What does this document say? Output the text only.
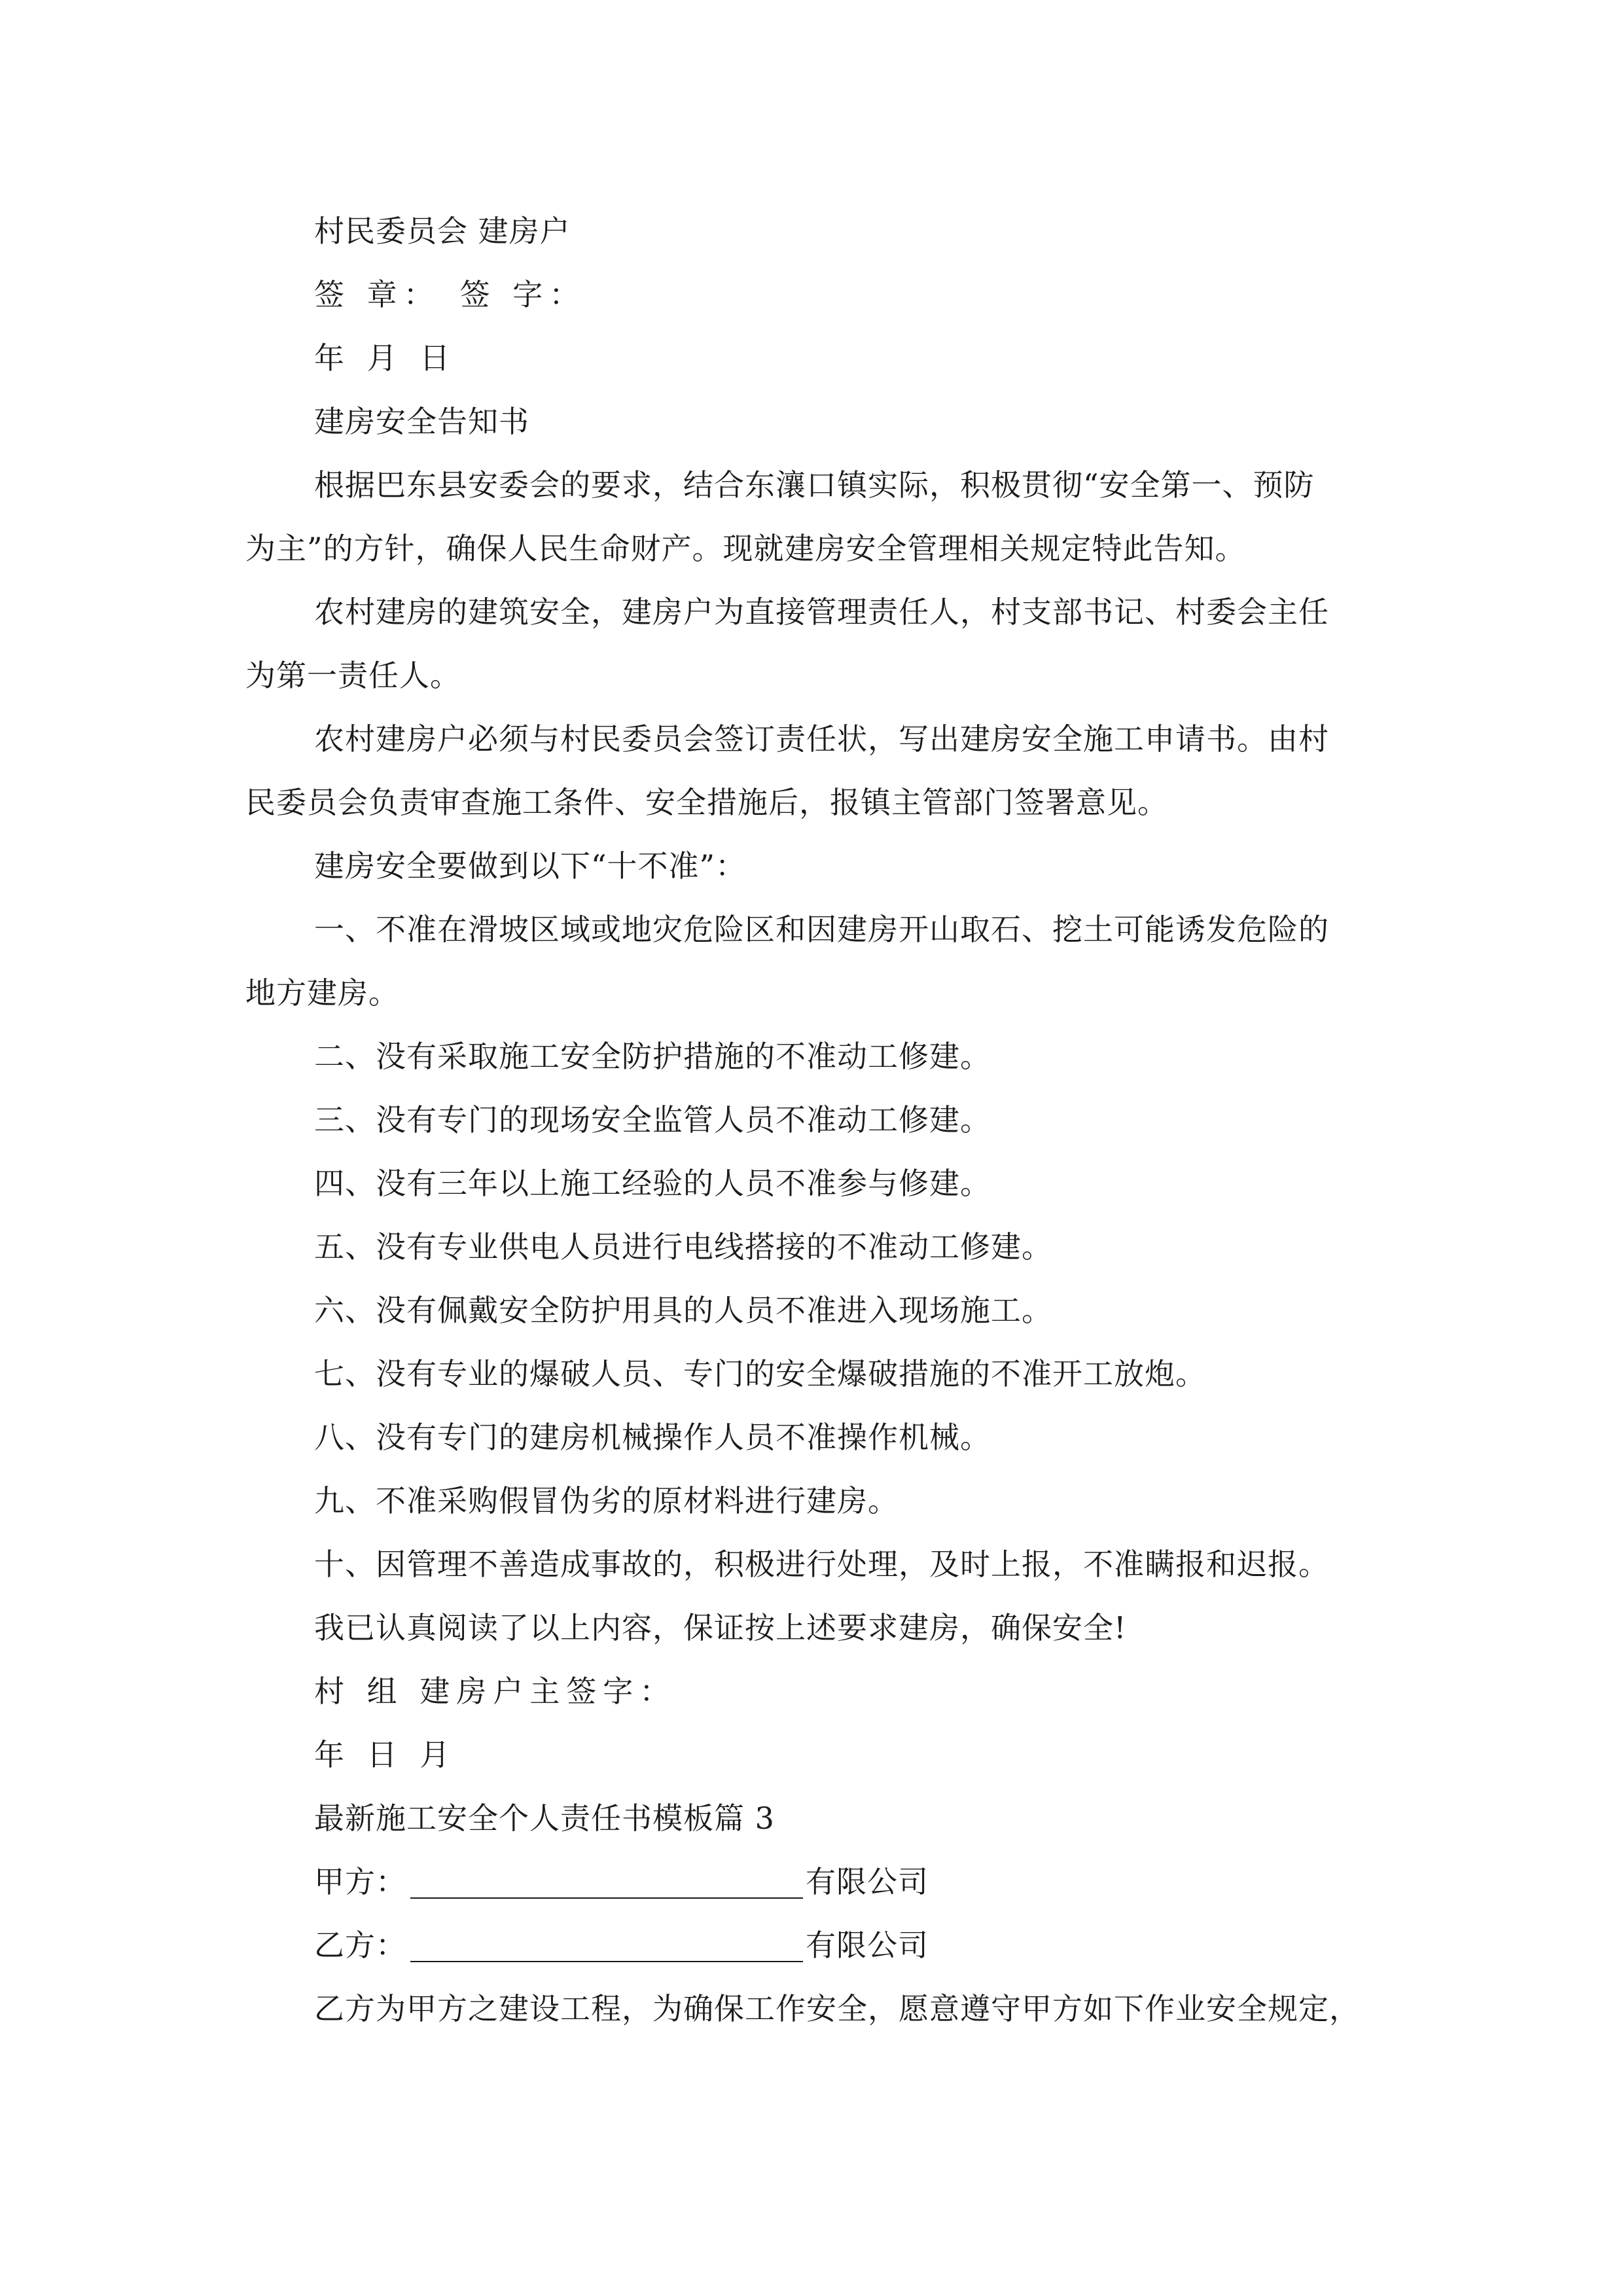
村民委员会 建房户
签 章： 签 字：
年 月 日
建房安全告知书
根据巴东县安委会的要求，结合东瀼口镇实际，积极贯彻“安全第一、预防
为主”的方针，确保人民生命财产。现就建房安全管理相关规定特此告知。
农村建房的建筑安全，建房户为直接管理责任人，村支部书记、村委会主任
为第一责任人。
农村建房户必须与村民委员会签订责任状，写出建房安全施工申请书。由村
民委员会负责审查施工条件、安全措施后，报镇主管部门签署意见。
建房安全要做到以下“十不准”：
一、不准在滑坡区域或地灾危险区和因建房开山取石、挖土可能诱发危险的
地方建房。
二、没有采取施工安全防护措施的不准动工修建。
三、没有专门的现场安全监管人员不准动工修建。
四、没有三年以上施工经验的人员不准参与修建。
五、没有专业供电人员进行电线搭接的不准动工修建。
六、没有佩戴安全防护用具的人员不准进入现场施工。
七、没有专业的爆破人员、专门的安全爆破措施的不准开工放炮。
八、没有专门的建房机械操作人员不准操作机械。
九、不准采购假冒伪劣的原材料进行建房。
十、因管理不善造成事故的，积极进行处理，及时上报，不准瞒报和迟报。
我已认真阅读了以上内容，保证按上述要求建房，确保安全!
村 组 建房户主签字：
年 日 月
最新施工安全个人责任书模板篇 3
甲方：	有限公司
乙方：	有限公司
乙方为甲方之建设工程，为确保工作安全，愿意遵守甲方如下作业安全规定，
